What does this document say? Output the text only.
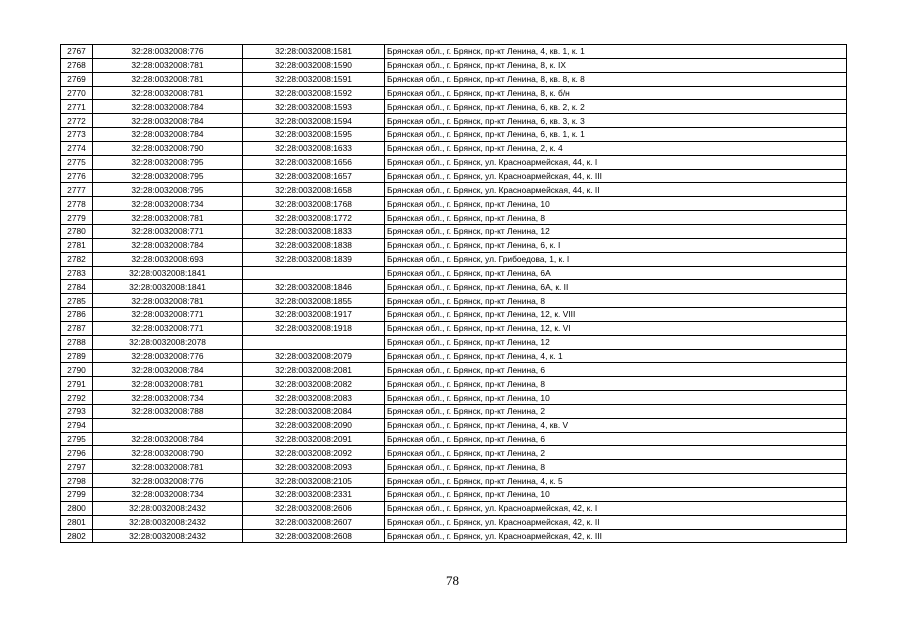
2767	32:28:0032008:776	32:28:0032008:1581	Брянская обл., г. Брянск, пр-кт Ленина, 4, кв. 1, к. 1
2768	32:28:0032008:781	32:28:0032008:1590	Брянская обл., г. Брянск, пр-кт Ленина, 8, к. IX
2769	32:28:0032008:781	32:28:0032008:1591	Брянская обл., г. Брянск, пр-кт Ленина, 8, кв. 8, к. 8
2770	32:28:0032008:781	32:28:0032008:1592	Брянская обл., г. Брянск, пр-кт Ленина, 8, к. б/н
2771	32:28:0032008:784	32:28:0032008:1593	Брянская обл., г. Брянск, пр-кт Ленина, 6, кв. 2, к. 2
2772	32:28:0032008:784	32:28:0032008:1594	Брянская обл., г. Брянск, пр-кт Ленина, 6, кв. 3, к. 3
2773	32:28:0032008:784	32:28:0032008:1595	Брянская обл., г. Брянск, пр-кт Ленина, 6, кв. 1, к. 1
2774	32:28:0032008:790	32:28:0032008:1633	Брянская обл., г. Брянск, пр-кт Ленина, 2, к. 4
2775	32:28:0032008:795	32:28:0032008:1656	Брянская обл., г. Брянск, ул. Красноармейская, 44, к. I
2776	32:28:0032008:795	32:28:0032008:1657	Брянская обл., г. Брянск, ул. Красноармейская, 44, к. III
2777	32:28:0032008:795	32:28:0032008:1658	Брянская обл., г. Брянск, ул. Красноармейская, 44, к. II
2778	32:28:0032008:734	32:28:0032008:1768	Брянская обл., г. Брянск, пр-кт Ленина, 10
2779	32:28:0032008:781	32:28:0032008:1772	Брянская обл., г. Брянск, пр-кт Ленина, 8
2780	32:28:0032008:771	32:28:0032008:1833	Брянская обл., г. Брянск, пр-кт Ленина, 12
2781	32:28:0032008:784	32:28:0032008:1838	Брянская обл., г. Брянск, пр-кт Ленина, 6, к. I
2782	32:28:0032008:693	32:28:0032008:1839	Брянская обл., г. Брянск, ул. Грибоедова, 1, к. I
2783	32:28:0032008:1841		Брянская обл., г. Брянск, пр-кт Ленина, 6А
2784	32:28:0032008:1841	32:28:0032008:1846	Брянская обл., г. Брянск, пр-кт Ленина, 6А, к. II
2785	32:28:0032008:781	32:28:0032008:1855	Брянская обл., г. Брянск, пр-кт Ленина, 8
2786	32:28:0032008:771	32:28:0032008:1917	Брянская обл., г. Брянск, пр-кт Ленина, 12, к. VIII
2787	32:28:0032008:771	32:28:0032008:1918	Брянская обл., г. Брянск, пр-кт Ленина, 12, к. VI
2788	32:28:0032008:2078		Брянская обл., г. Брянск, пр-кт Ленина, 12
2789	32:28:0032008:776	32:28:0032008:2079	Брянская обл., г. Брянск, пр-кт Ленина, 4, к. 1
2790	32:28:0032008:784	32:28:0032008:2081	Брянская обл., г. Брянск, пр-кт Ленина, 6
2791	32:28:0032008:781	32:28:0032008:2082	Брянская обл., г. Брянск, пр-кт Ленина, 8
2792	32:28:0032008:734	32:28:0032008:2083	Брянская обл., г. Брянск, пр-кт Ленина, 10
2793	32:28:0032008:788	32:28:0032008:2084	Брянская обл., г. Брянск, пр-кт Ленина, 2
2794		32:28:0032008:2090	Брянская обл., г. Брянск, пр-кт Ленина, 4, кв. V
2795	32:28:0032008:784	32:28:0032008:2091	Брянская обл., г. Брянск, пр-кт Ленина, 6
2796	32:28:0032008:790	32:28:0032008:2092	Брянская обл., г. Брянск, пр-кт Ленина, 2
2797	32:28:0032008:781	32:28:0032008:2093	Брянская обл., г. Брянск, пр-кт Ленина, 8
2798	32:28:0032008:776	32:28:0032008:2105	Брянская обл., г. Брянск, пр-кт Ленина, 4, к. 5
2799	32:28:0032008:734	32:28:0032008:2331	Брянская обл., г. Брянск, пр-кт Ленина, 10
2800	32:28:0032008:2432	32:28:0032008:2606	Брянская обл., г. Брянск, ул. Красноармейская, 42, к. I
2801	32:28:0032008:2432	32:28:0032008:2607	Брянская обл., г. Брянск, ул. Красноармейская, 42, к. II
2802	32:28:0032008:2432	32:28:0032008:2608	Брянская обл., г. Брянск, ул. Красноармейская, 42, к. III
78
